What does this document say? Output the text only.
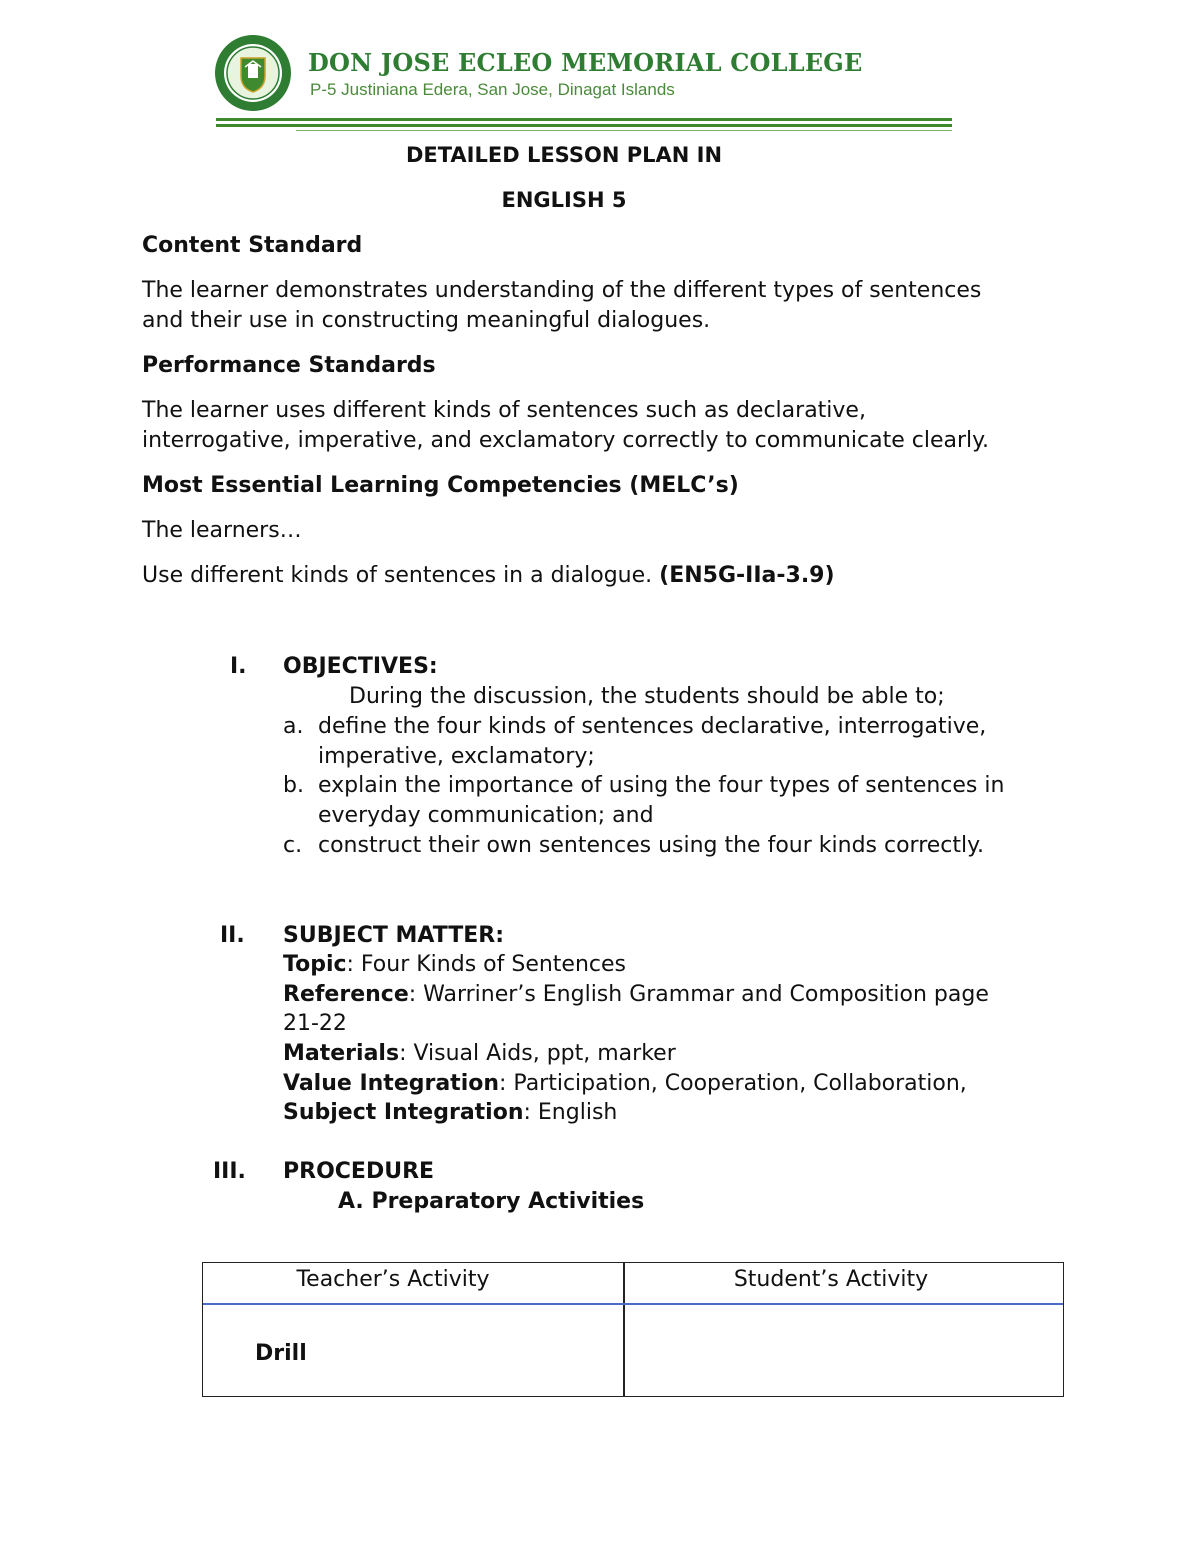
DON JOSE ECLEO MEMORIAL COLLEGE
P-5 Justiniana Edera, San Jose, Dinagat Islands
DETAILED LESSON PLAN IN
ENGLISH 5
Content Standard
The learner demonstrates understanding of the different types of sentences
and their use in constructing meaningful dialogues.
Performance Standards
The learner uses different kinds of sentences such as declarative,
interrogative, imperative, and exclamatory correctly to communicate clearly.
Most Essential Learning Competencies (MELC’s)
The learners…
Use different kinds of sentences in a dialogue. (EN5G-IIa-3.9)
I. OBJECTIVES:
During the discussion, the students should be able to;
a. define the four kinds of sentences declarative, interrogative,
imperative, exclamatory;
b. explain the importance of using the four types of sentences in
everyday communication; and
c. construct their own sentences using the four kinds correctly.
II. SUBJECT MATTER:
Topic: Four Kinds of Sentences
Reference: Warriner’s English Grammar and Composition page
21-22
Materials: Visual Aids, ppt, marker
Value Integration: Participation, Cooperation, Collaboration,
Subject Integration: English
III. PROCEDURE
A. Preparatory Activities
Teacher’s Activity	Student’s Activity
Drill
